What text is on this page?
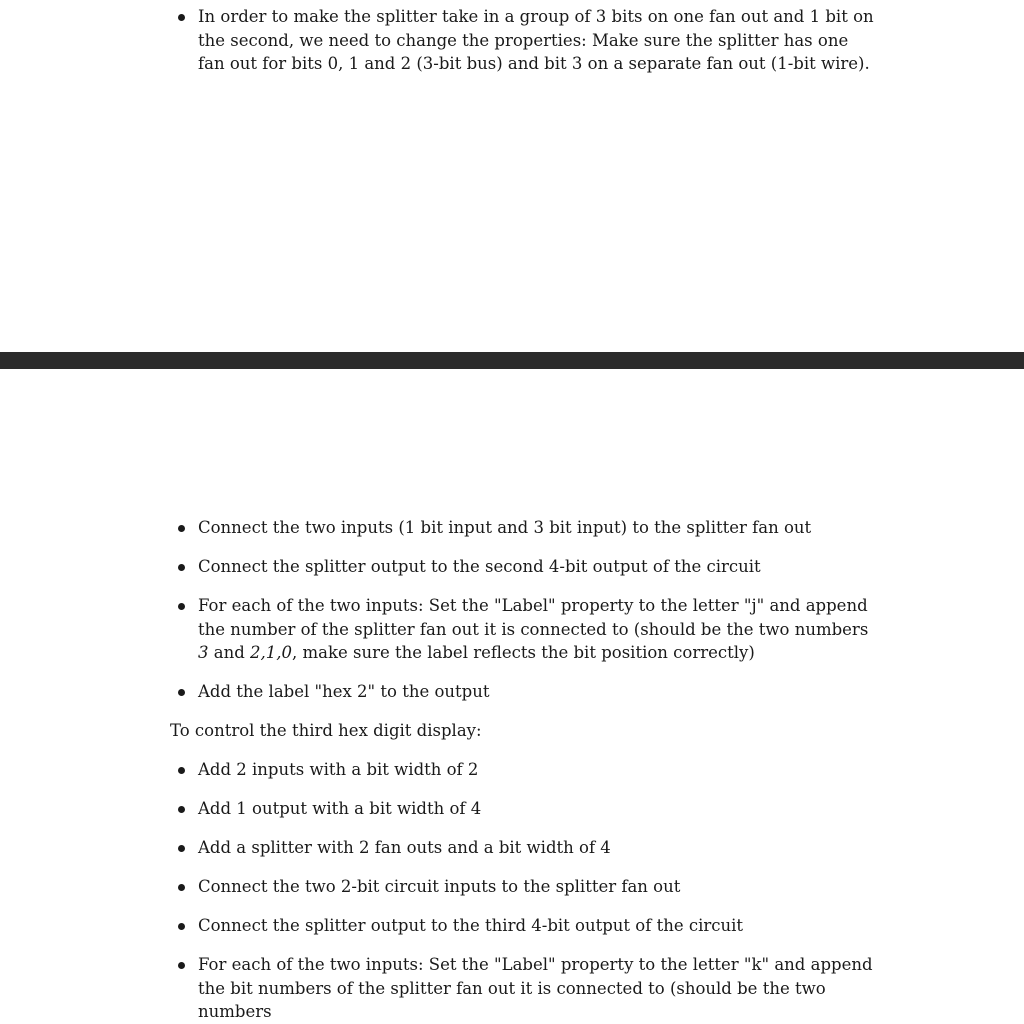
In order to make the splitter take in a group of 3 bits on one fan out and 1 bit on the second, we need to change the properties: Make sure the splitter has one fan out for bits 0, 1 and 2 (3-bit bus) and bit 3 on a separate fan out (1-bit wire).

Connect the two inputs (1 bit input and 3 bit input) to the splitter fan out

Connect the splitter output to the second 4-bit output of the circuit

For each of the two inputs: Set the "Label" property to the letter "j" and append the number of the splitter fan out it is connected to (should be the two numbers 3 and 2,1,0, make sure the label reflects the bit position correctly)

Add the label "hex 2" to the output

To control the third hex digit display:

Add 2 inputs with a bit width of 2

Add 1 output with a bit width of 4

Add a splitter with 2 fan outs and a bit width of 4

Connect the two 2-bit circuit inputs to the splitter fan out

Connect the splitter output to the third 4-bit output of the circuit

For each of the two inputs: Set the "Label" property to the letter "k" and append the bit numbers of the splitter fan out it is connected to (should be the two numbers
